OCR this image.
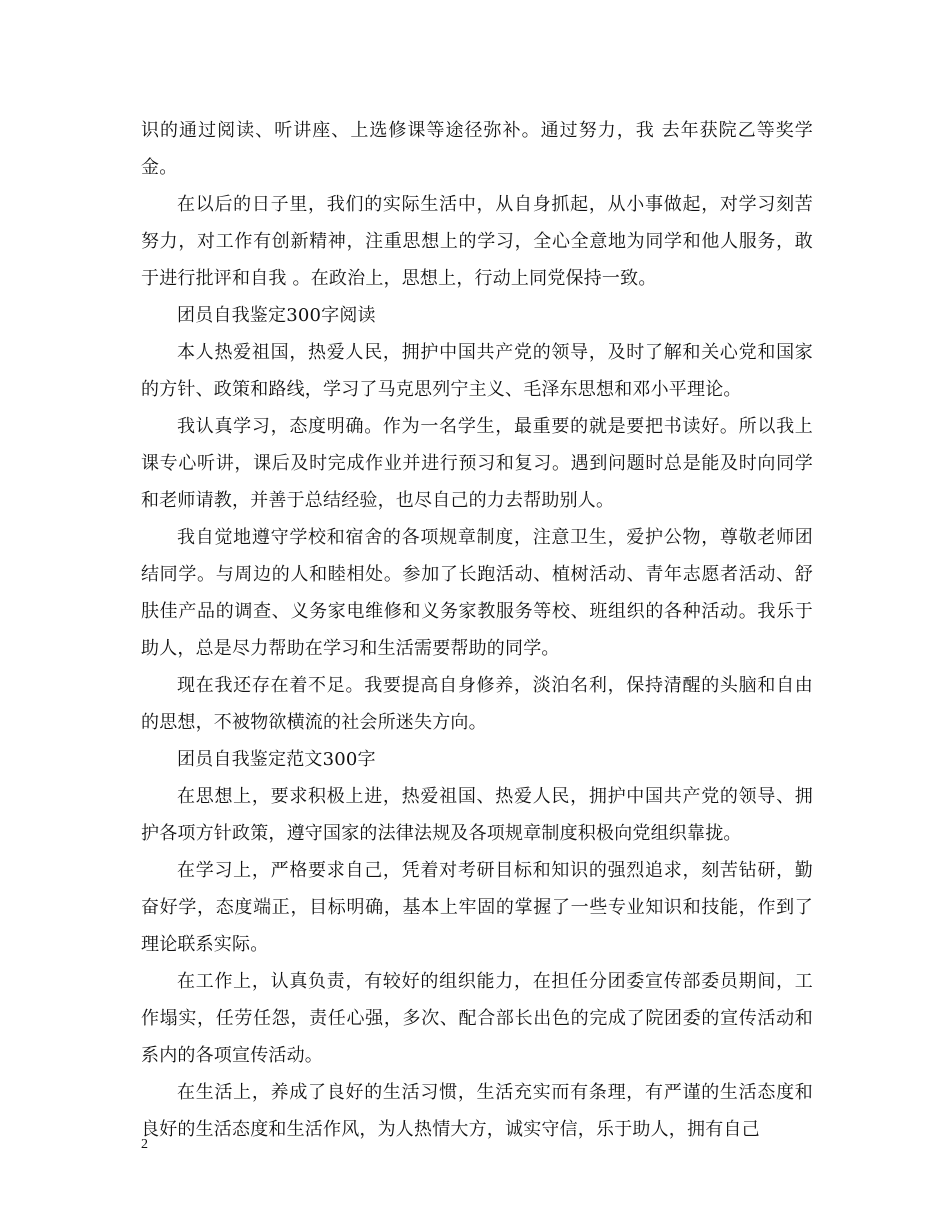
识的通过阅读、听讲座、上选修课等途径弥补。通过努力，我 去年获院乙等奖学金。

在以后的日子里，我们的实际生活中，从自身抓起，从小事做起，对学习刻苦努力，对工作有创新精神，注重思想上的学习，全心全意地为同学和他人服务，敢于进行批评和自我 。在政治上，思想上，行动上同党保持一致。

团员自我鉴定300字阅读

本人热爱祖国，热爱人民，拥护中国共产党的领导，及时了解和关心党和国家的方针、政策和路线，学习了马克思列宁主义、毛泽东思想和邓小平理论。

我认真学习，态度明确。作为一名学生，最重要的就是要把书读好。所以我上课专心听讲，课后及时完成作业并进行预习和复习。遇到问题时总是能及时向同学和老师请教，并善于总结经验，也尽自己的力去帮助别人。

我自觉地遵守学校和宿舍的各项规章制度，注意卫生，爱护公物，尊敬老师团结同学。与周边的人和睦相处。参加了长跑活动、植树活动、青年志愿者活动、舒肤佳产品的调查、义务家电维修和义务家教服务等校、班组织的各种活动。我乐于助人，总是尽力帮助在学习和生活需要帮助的同学。

现在我还存在着不足。我要提高自身修养，淡泊名利，保持清醒的头脑和自由的思想，不被物欲横流的社会所迷失方向。

团员自我鉴定范文300字

在思想上，要求积极上进，热爱祖国、热爱人民，拥护中国共产党的领导、拥护各项方针政策，遵守国家的法律法规及各项规章制度积极向党组织靠拢。

在学习上，严格要求自己，凭着对考研目标和知识的强烈追求，刻苦钻研，勤奋好学，态度端正，目标明确，基本上牢固的掌握了一些专业知识和技能，作到了理论联系实际。

在工作上，认真负责，有较好的组织能力，在担任分团委宣传部委员期间，工作塌实，任劳任怨，责任心强，多次、配合部长出色的完成了院团委的宣传活动和系内的各项宣传活动。

在生活上，养成了良好的生活习惯，生活充实而有条理，有严谨的生活态度和良好的生活态度和生活作风，为人热情大方，诚实守信，乐于助人，拥有自己

2
